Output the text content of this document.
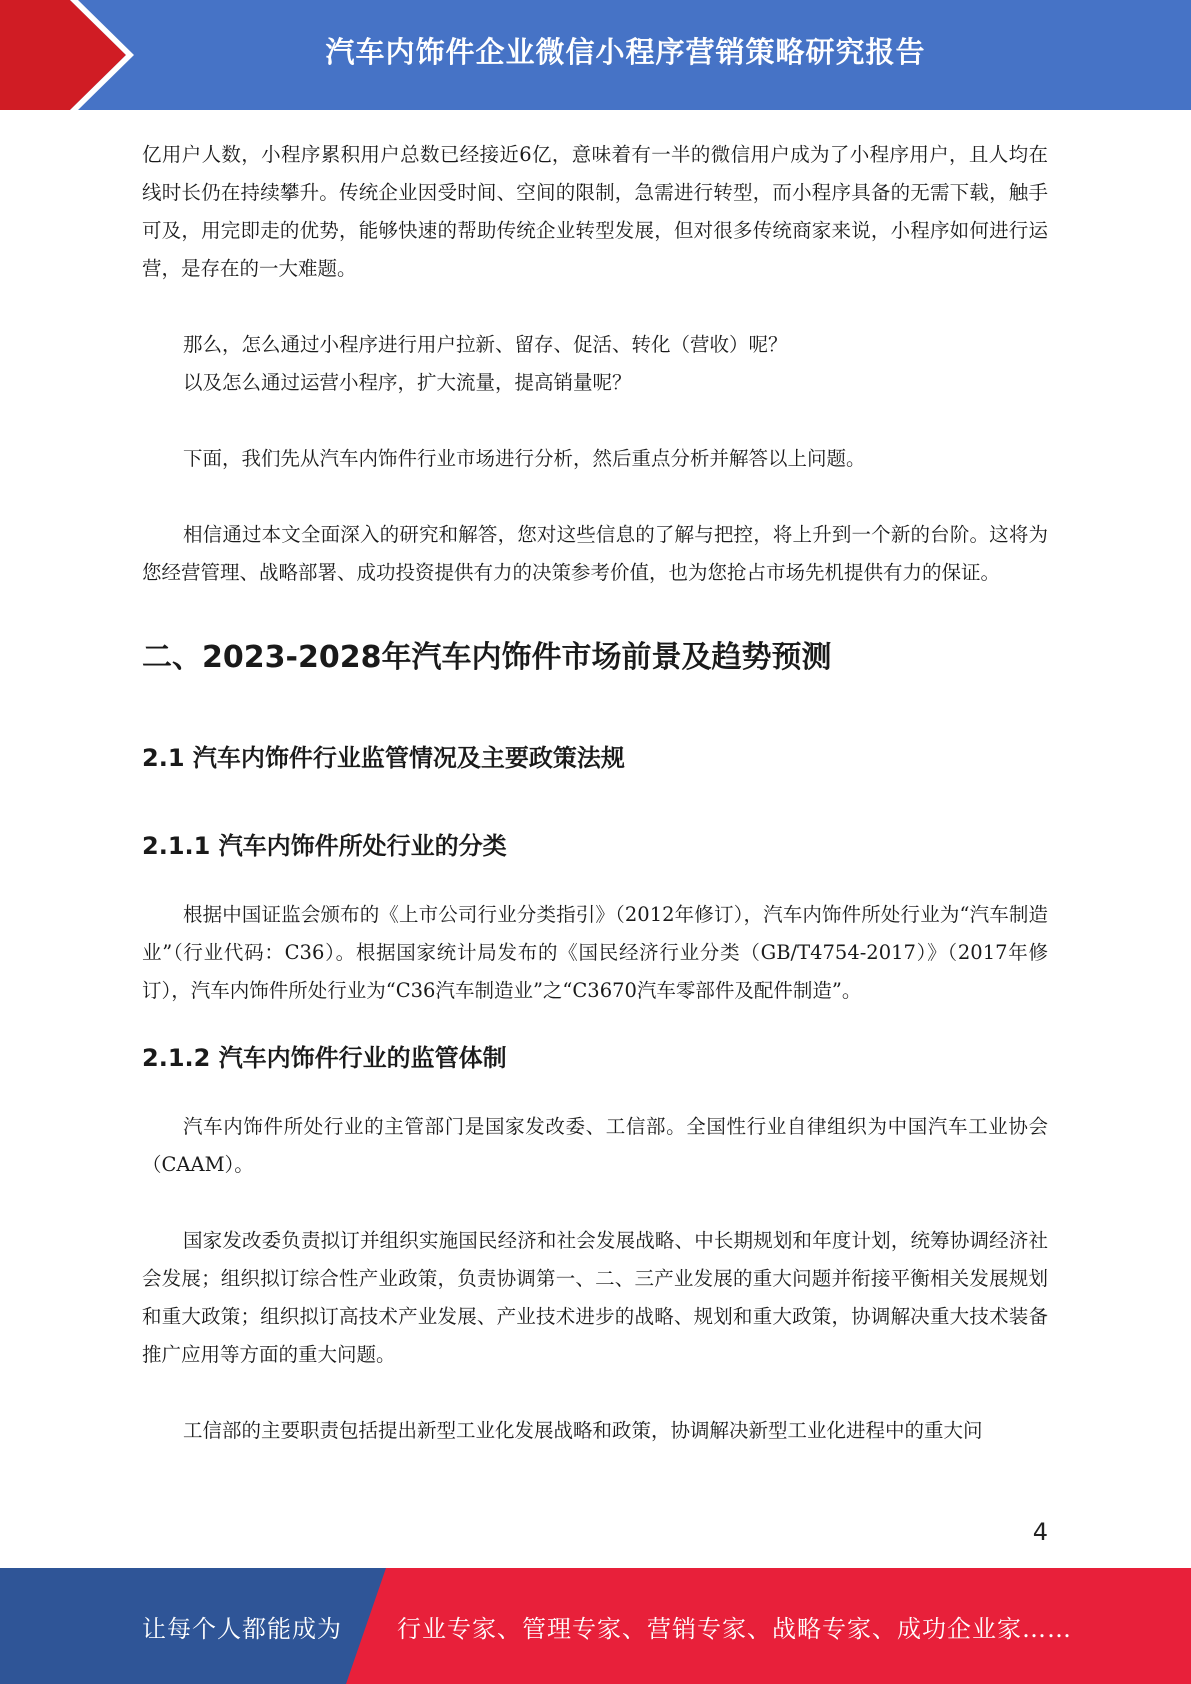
汽车内饰件企业微信小程序营销策略研究报告

亿用户人数，小程序累积用户总数已经接近6亿，意味着有一半的微信用户成为了小程序用户，且人均在线时长仍在持续攀升。传统企业因受时间、空间的限制，急需进行转型，而小程序具备的无需下载，触手可及，用完即走的优势，能够快速的帮助传统企业转型发展，但对很多传统商家来说，小程序如何进行运营，是存在的一大难题。

那么，怎么通过小程序进行用户拉新、留存、促活、转化（营收）呢？

以及怎么通过运营小程序，扩大流量，提高销量呢？

下面，我们先从汽车内饰件行业市场进行分析，然后重点分析并解答以上问题。

相信通过本文全面深入的研究和解答，您对这些信息的了解与把控，将上升到一个新的台阶。这将为您经营管理、战略部署、成功投资提供有力的决策参考价值，也为您抢占市场先机提供有力的保证。

二、2023-2028年汽车内饰件市场前景及趋势预测
2.1 汽车内饰件行业监管情况及主要政策法规
2.1.1 汽车内饰件所处行业的分类

根据中国证监会颁布的《上市公司行业分类指引》（2012年修订），汽车内饰件所处行业为“汽车制造业”（行业代码：C36）。根据国家统计局发布的《国民经济行业分类（GB/T4754-2017）》（2017年修订），汽车内饰件所处行业为“C36汽车制造业”之“C3670汽车零部件及配件制造”。

2.1.2 汽车内饰件行业的监管体制

汽车内饰件所处行业的主管部门是国家发改委、工信部。全国性行业自律组织为中国汽车工业协会（CAAM）。

国家发改委负责拟订并组织实施国民经济和社会发展战略、中长期规划和年度计划，统筹协调经济社会发展；组织拟订综合性产业政策，负责协调第一、二、三产业发展的重大问题并衔接平衡相关发展规划和重大政策；组织拟订高技术产业发展、产业技术进步的战略、规划和重大政策，协调解决重大技术装备推广应用等方面的重大问题。

工信部的主要职责包括提出新型工业化发展战略和政策，协调解决新型工业化进程中的重大问

4
让每个人都能成为 行业专家、管理专家、营销专家、战略专家、成功企业家……
